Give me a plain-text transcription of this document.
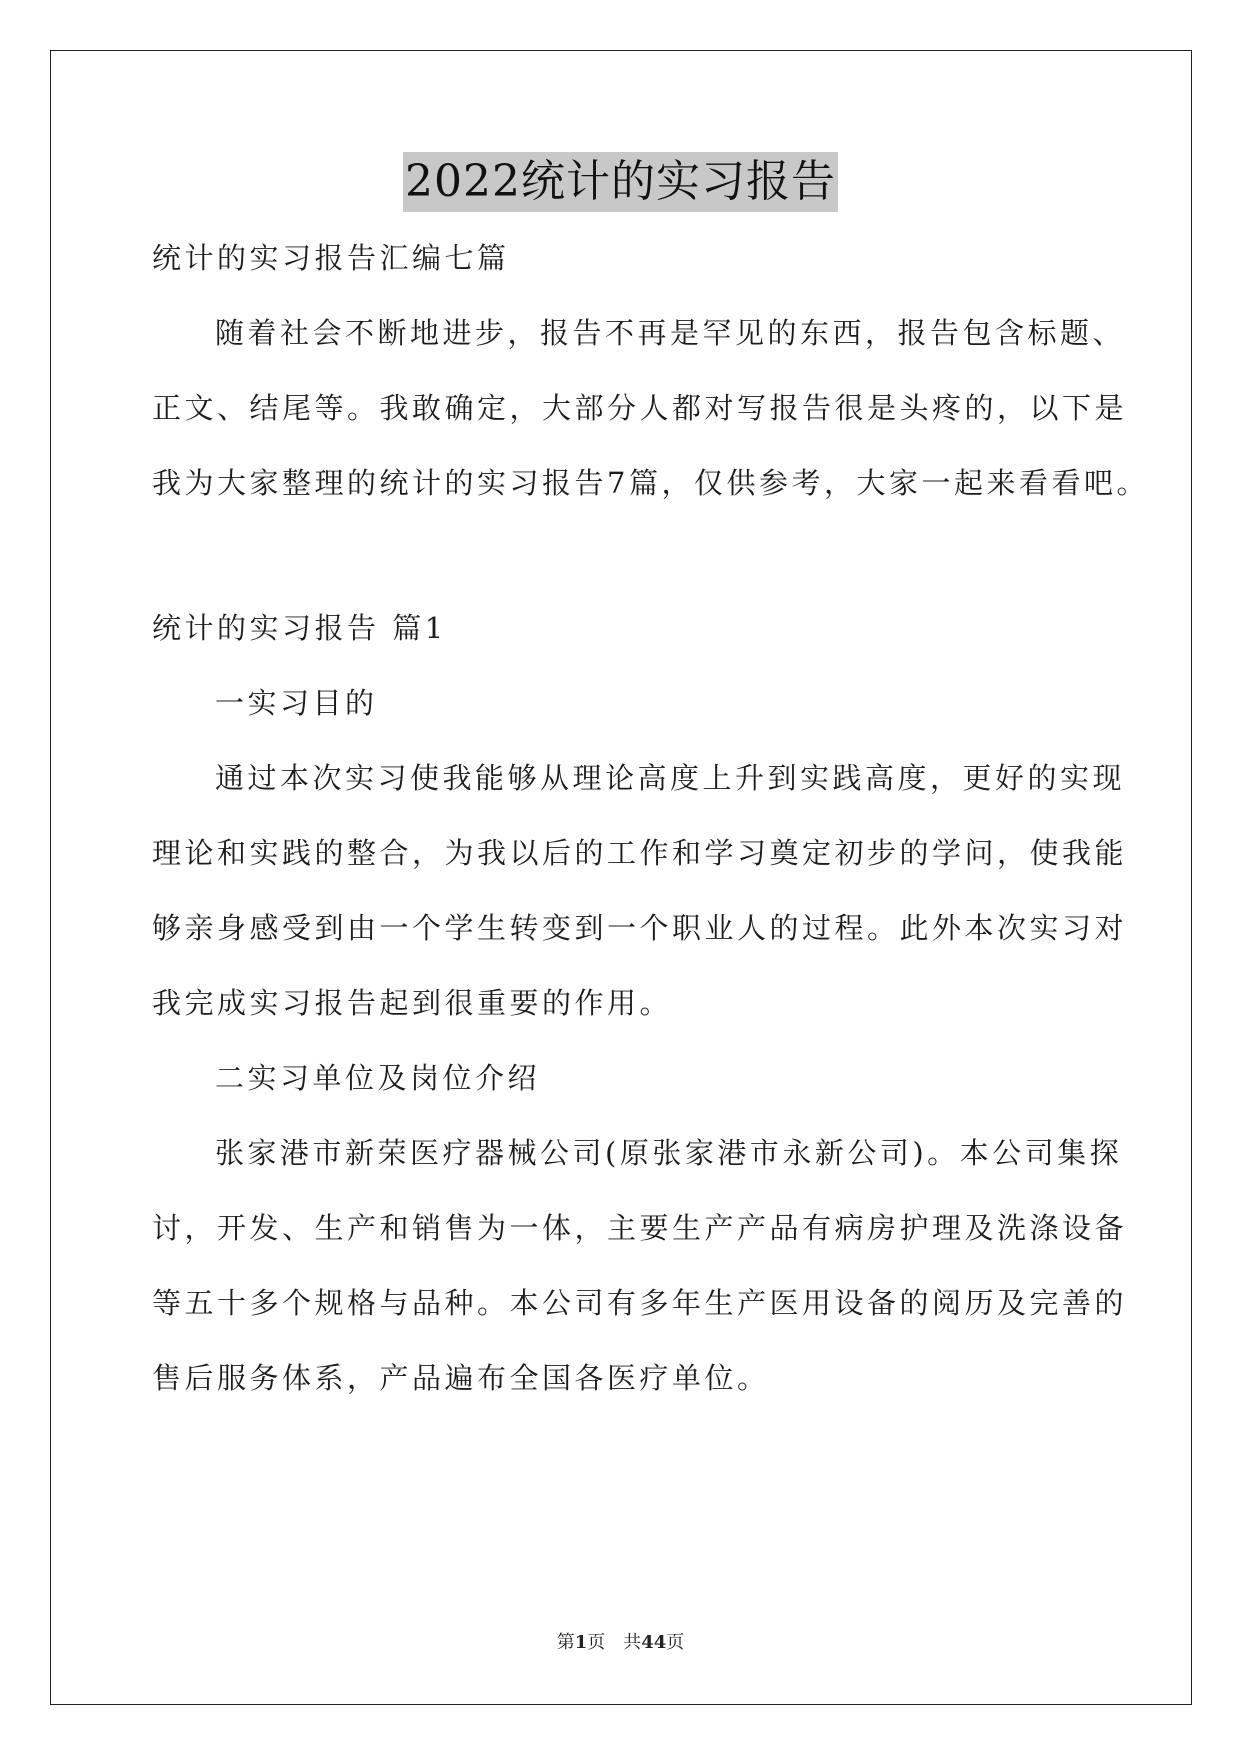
2022统计的实习报告
统计的实习报告汇编七篇
随着社会不断地进步，报告不再是罕见的东西，报告包含标题、
正文、结尾等。我敢确定，大部分人都对写报告很是头疼的，以下是
我为大家整理的统计的实习报告7篇，仅供参考，大家一起来看看吧。
统计的实习报告 篇1
一实习目的
通过本次实习使我能够从理论高度上升到实践高度，更好的实现
理论和实践的整合，为我以后的工作和学习奠定初步的学问，使我能
够亲身感受到由一个学生转变到一个职业人的过程。此外本次实习对
我完成实习报告起到很重要的作用。
二实习单位及岗位介绍
张家港市新荣医疗器械公司(原张家港市永新公司)。本公司集探
讨，开发、生产和销售为一体，主要生产产品有病房护理及洗涤设备
等五十多个规格与品种。本公司有多年生产医用设备的阅历及完善的
售后服务体系，产品遍布全国各医疗单位。
第1页　共44页
